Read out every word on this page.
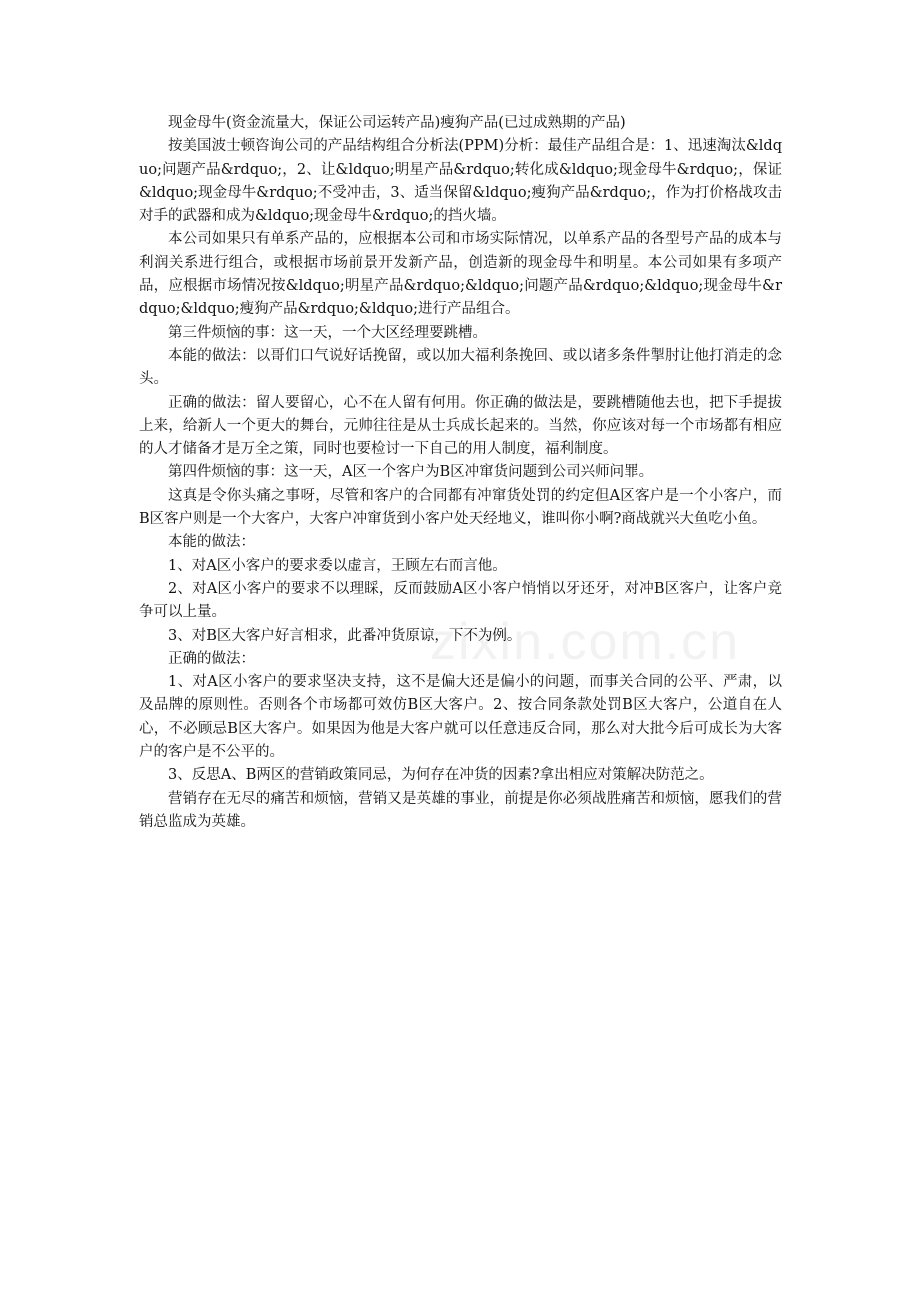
现金母牛(资金流量大，保证公司运转产品)瘦狗产品(已过成熟期的产品)

按美国波士顿咨询公司的产品结构组合分析法(PPM)分析：最佳产品组合是：1、迅速淘汰&ldquo;问题产品&rdquo;，2、让&ldquo;明星产品&rdquo;转化成&ldquo;现金母牛&rdquo;，保证&ldquo;现金母牛&rdquo;不受冲击，3、适当保留&ldquo;瘦狗产品&rdquo;，作为打价格战攻击对手的武器和成为&ldquo;现金母牛&rdquo;的挡火墙。

本公司如果只有单系产品的，应根据本公司和市场实际情况，以单系产品的各型号产品的成本与利润关系进行组合，或根据市场前景开发新产品，创造新的现金母牛和明星。本公司如果有多项产品，应根据市场情况按&ldquo;明星产品&rdquo;&ldquo;问题产品&rdquo;&ldquo;现金母牛&rdquo;&ldquo;瘦狗产品&rdquo;&ldquo;进行产品组合。

第三件烦恼的事：这一天，一个大区经理要跳槽。

本能的做法：以哥们口气说好话挽留，或以加大福利条挽回、或以诸多条件掣肘让他打消走的念头。

正确的做法：留人要留心，心不在人留有何用。你正确的做法是，要跳槽随他去也，把下手提拔上来，给新人一个更大的舞台，元帅往往是从士兵成长起来的。当然，你应该对每一个市场都有相应的人才储备才是万全之策，同时也要检讨一下自己的用人制度，福利制度。

第四件烦恼的事：这一天，A区一个客户为B区冲窜货问题到公司兴师问罪。

这真是令你头痛之事呀，尽管和客户的合同都有冲窜货处罚的约定但A区客户是一个小客户，而B区客户则是一个大客户，大客户冲窜货到小客户处天经地义，谁叫你小啊?商战就兴大鱼吃小鱼。

本能的做法：

1、对A区小客户的要求委以虚言，王顾左右而言他。

2、对A区小客户的要求不以理睬，反而鼓励A区小客户悄悄以牙还牙，对冲B区客户，让客户竞争可以上量。

3、对B区大客户好言相求，此番冲货原谅，下不为例。

正确的做法：

1、对A区小客户的要求坚决支持，这不是偏大还是偏小的问题，而事关合同的公平、严肃，以及品牌的原则性。否则各个市场都可效仿B区大客户。2、按合同条款处罚B区大客户，公道自在人心，不必顾忌B区大客户。如果因为他是大客户就可以任意违反合同，那么对大批今后可成长为大客户的客户是不公平的。

3、反思A、B两区的营销政策同忌，为何存在冲货的因素?拿出相应对策解决防范之。

营销存在无尽的痛苦和烦恼，营销又是英雄的事业，前提是你必须战胜痛苦和烦恼，愿我们的营销总监成为英雄。

zixin.com.cn
